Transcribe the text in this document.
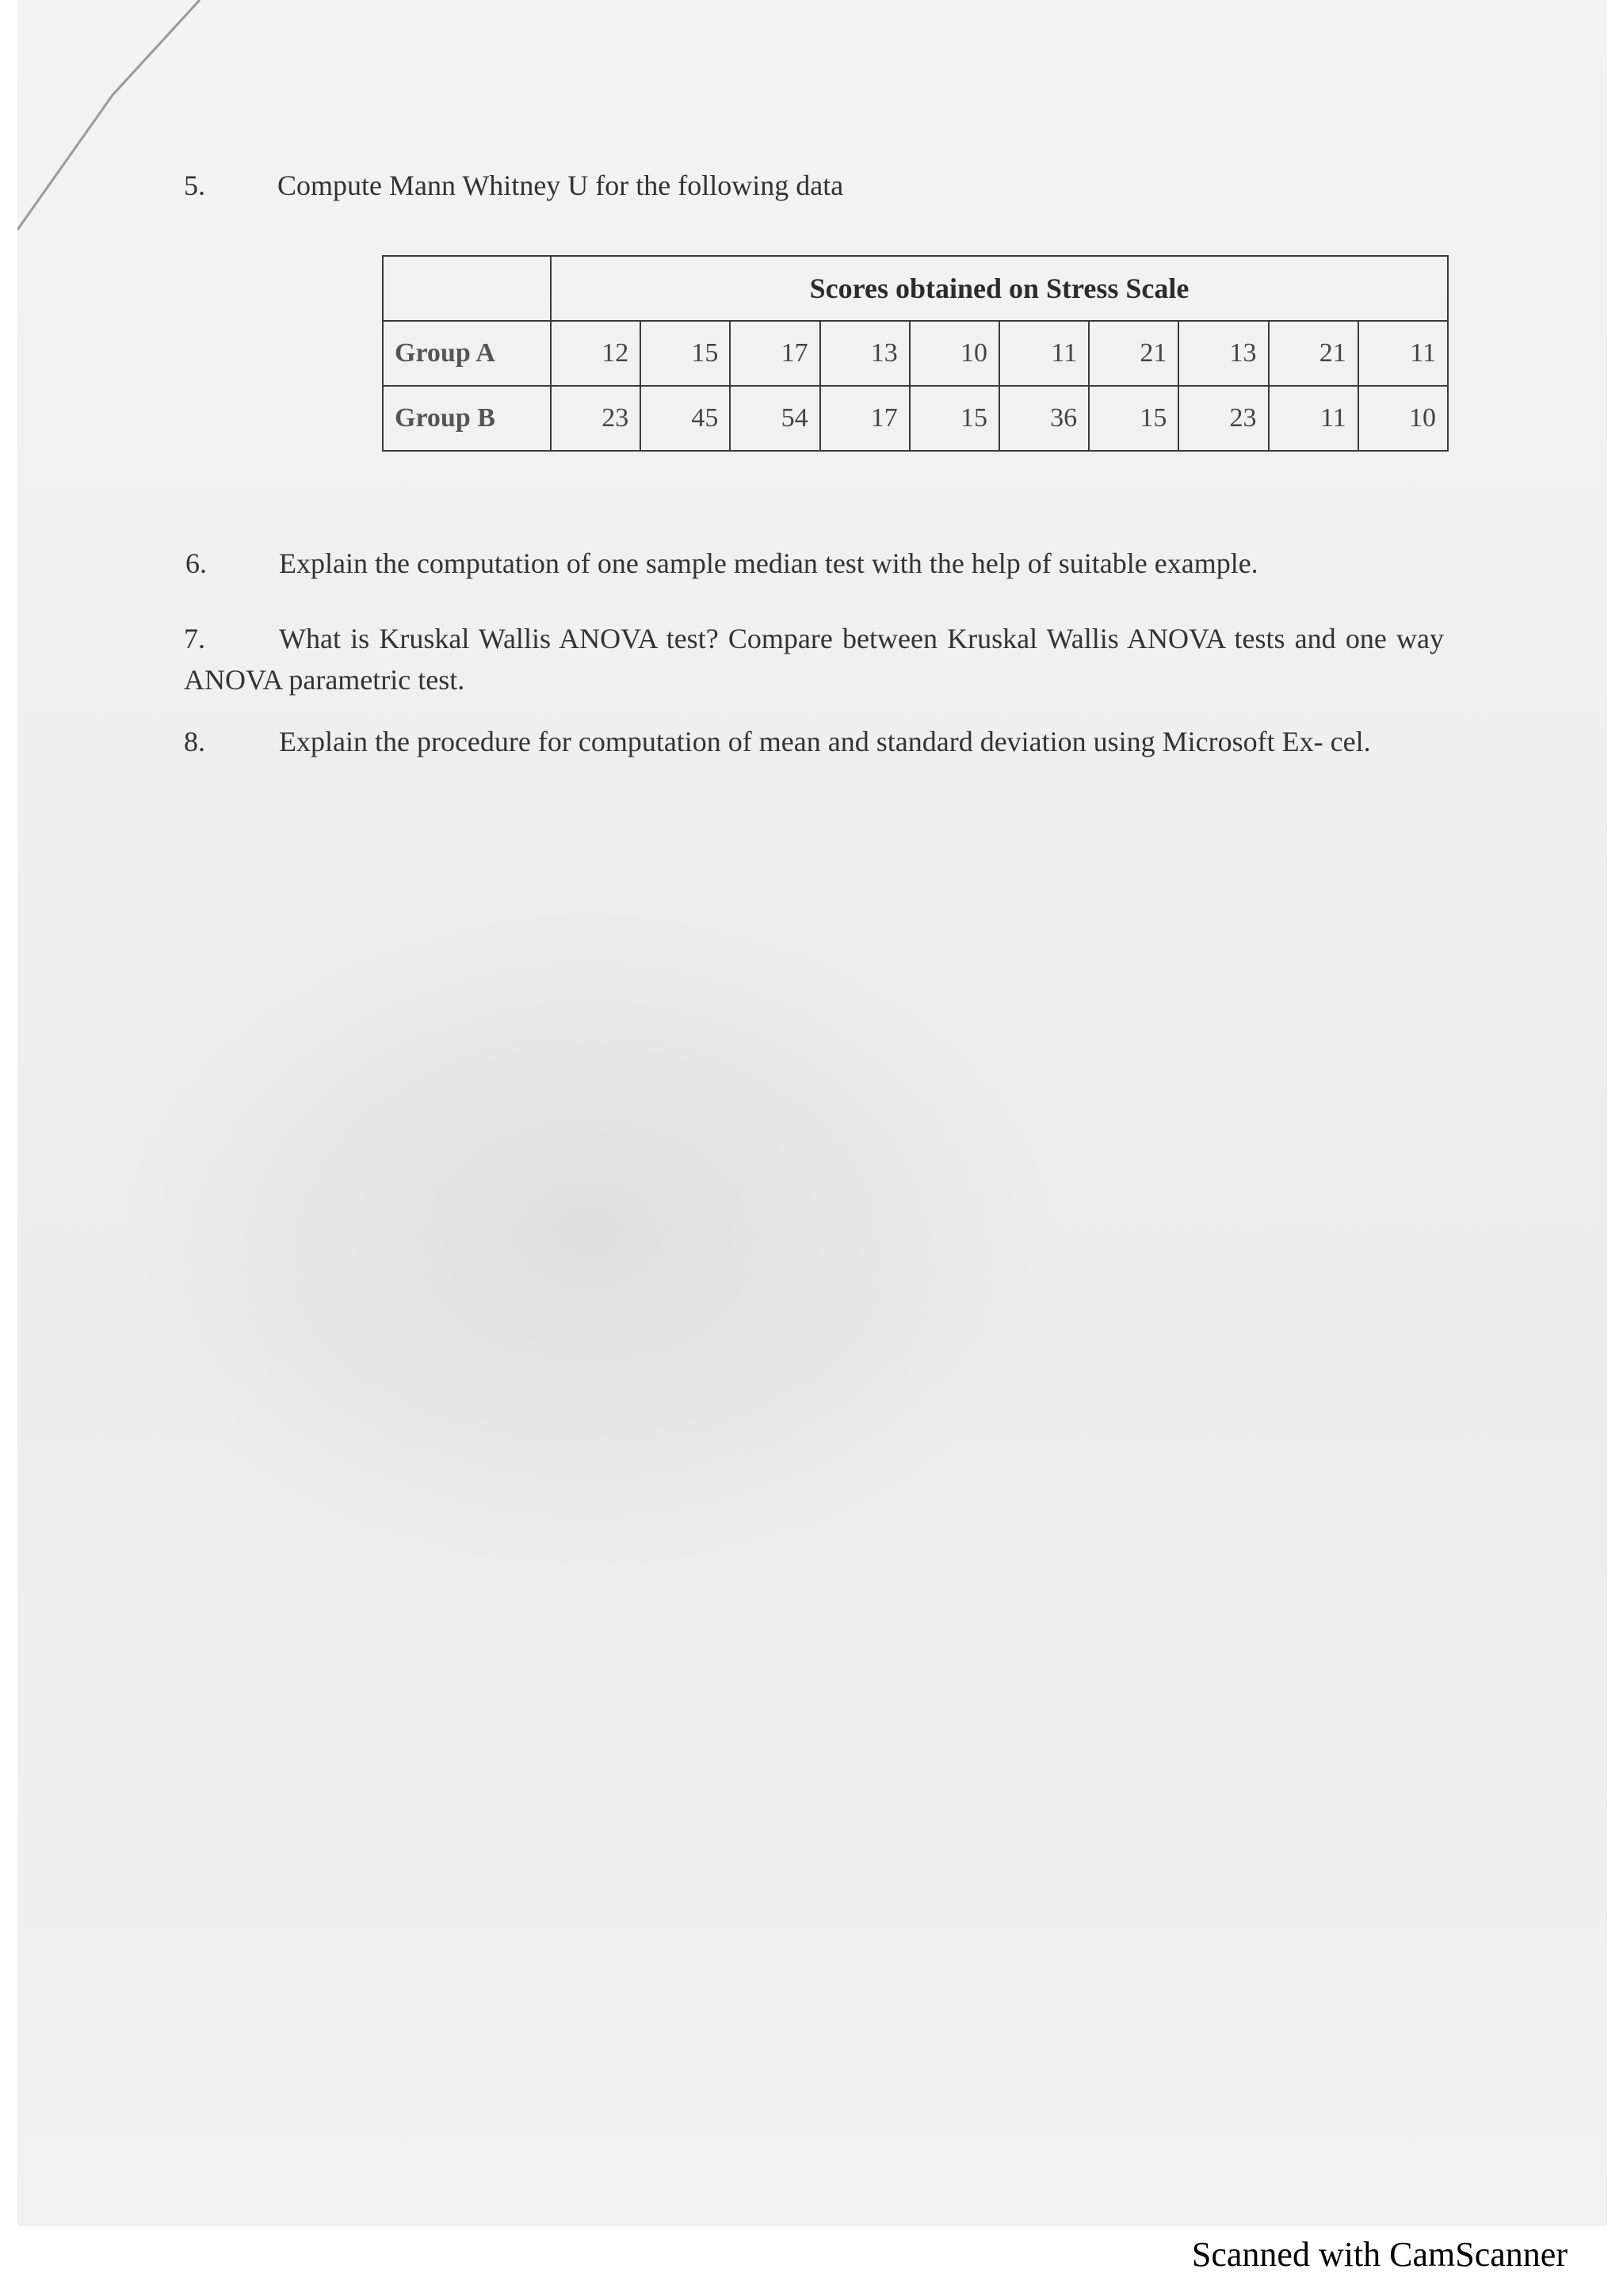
5.	Compute Mann Whitney U for the following data
	Scores obtained on Stress Scale									
Group A	12	15	17	13	10	11	21	13	21	11
Group B	23	45	54	17	15	36	15	23	11	10
6.	Explain the computation of one sample median test with the help of suitable example.
7.	What is Kruskal Wallis ANOVA test? Compare between Kruskal Wallis ANOVA tests and one way ANOVA parametric test.
8.	Explain the procedure for computation of mean and standard deviation using Microsoft Ex- cel.
Scanned with CamScanner
